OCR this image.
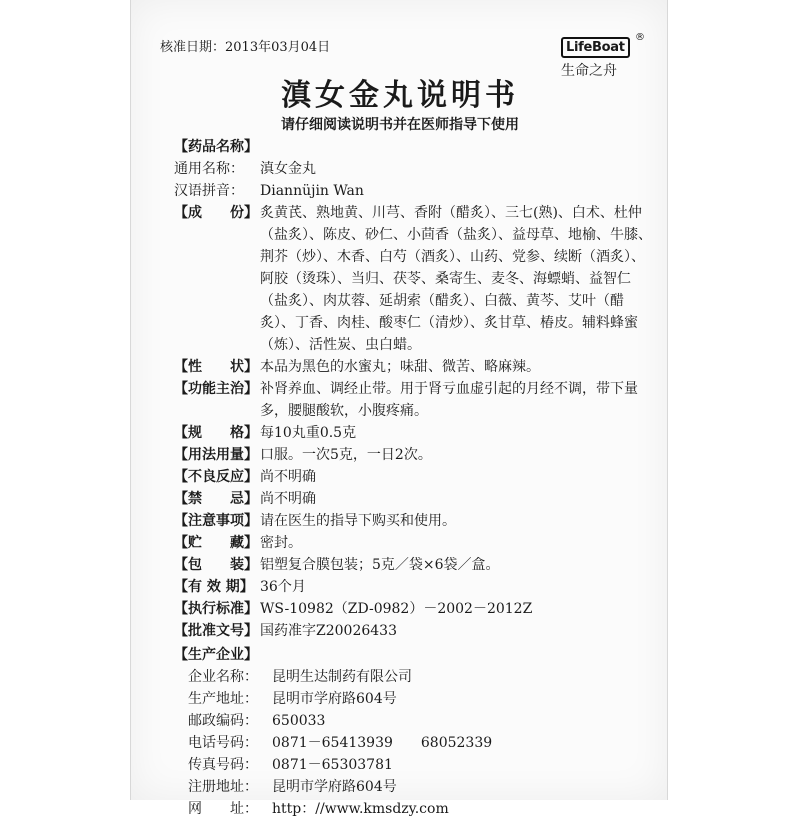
核准日期：2013年03月04日	LifeBoat
®
生命之舟
滇女金丸说明书
请仔细阅读说明书并在医师指导下使用
【药品名称】
通用名称：	滇女金丸
汉语拼音：	Diannüjin Wan
【成　　份】 炙黄芪、熟地黄、川芎、香附（醋炙）、三七(熟)、白术、杜仲（盐炙）、陈皮、砂仁、小茴香（盐炙）、益母草、地榆、牛膝、荆芥（炒）、木香、白芍（酒炙）、山药、党参、续断（酒炙）、阿胶（烫珠）、当归、茯苓、桑寄生、麦冬、海螵蛸、益智仁（盐炙）、肉苁蓉、延胡索（醋炙）、白薇、黄芩、艾叶（醋炙）、丁香、肉桂、酸枣仁（清炒）、炙甘草、椿皮。辅料蜂蜜（炼）、活性炭、虫白蜡。
【性　　状】 本品为黑色的水蜜丸；味甜、微苦、略麻辣。
【功能主治】 补肾养血、调经止带。用于肾亏血虚引起的月经不调，带下量多，腰腿酸软，小腹疼痛。
【规　　格】 每10丸重0.5克
【用法用量】 口服。一次5克，一日2次。
【不良反应】 尚不明确
【禁　　忌】 尚不明确
【注意事项】 请在医生的指导下购买和使用。
【贮　　藏】 密封。
【包　　装】 铝塑复合膜包装；5克／袋×6袋／盒。
【有 效 期】 36个月
【执行标准】 WS-10982（ZD-0982）－2002－2012Z
【批准文号】 国药准字Z20026433
【生产企业】
企业名称：	昆明生达制药有限公司
生产地址：	昆明市学府路604号
邮政编码：	650033
电话号码：	0871－65413939　　68052339
传真号码：	0871－65303781
注册地址：	昆明市学府路604号
网　　址：	http：//www.kmsdzy.com
